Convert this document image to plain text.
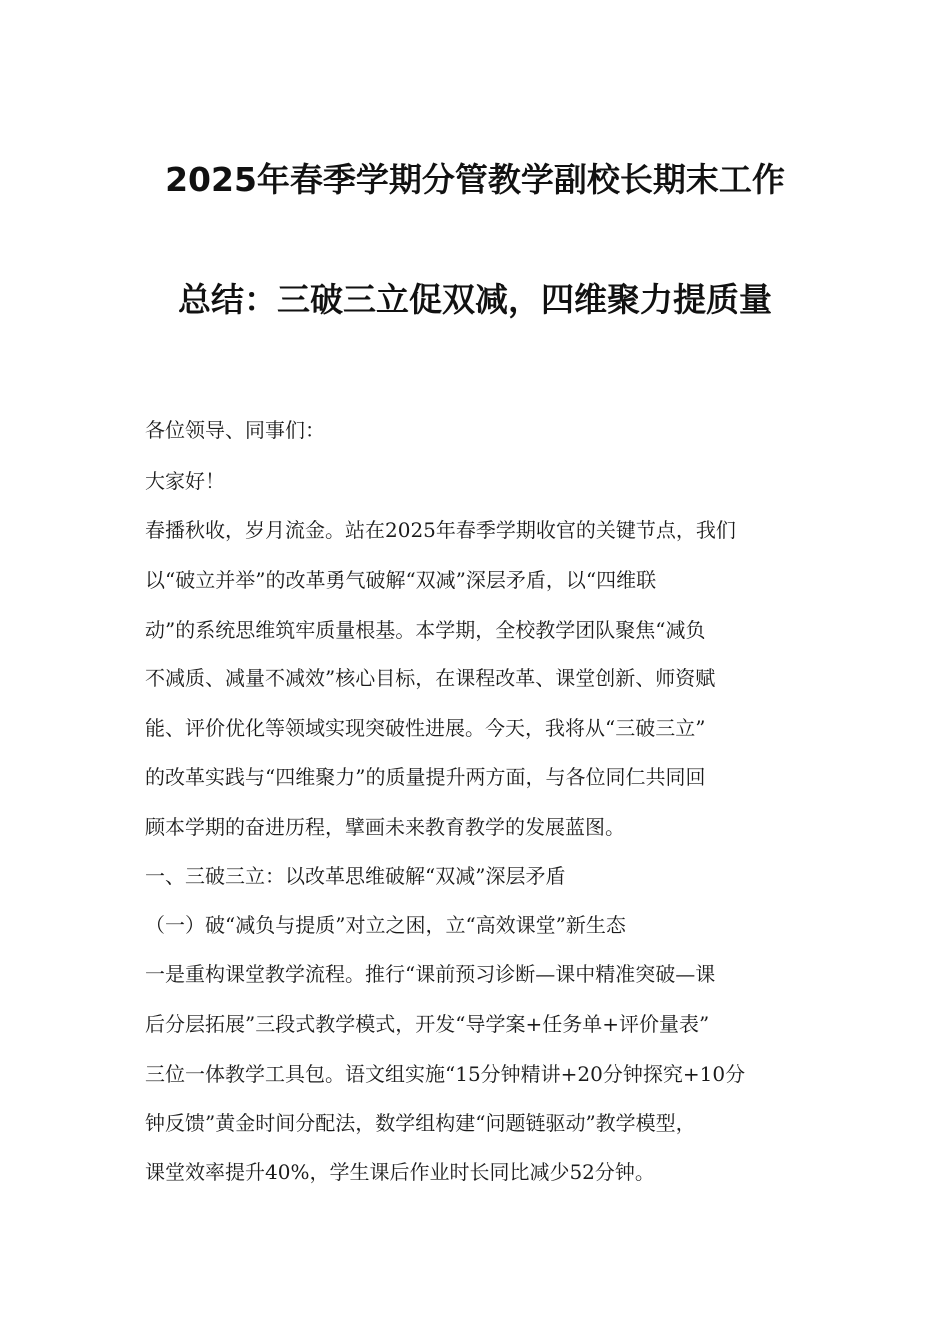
2025年春季学期分管教学副校长期末工作
总结：三破三立促双减，四维聚力提质量
各位领导、同事们：
大家好！
春播秋收，岁月流金。站在2025年春季学期收官的关键节点，我们
以“破立并举”的改革勇气破解“双减”深层矛盾，以“四维联
动”的系统思维筑牢质量根基。本学期，全校教学团队聚焦“减负
不减质、减量不减效”核心目标，在课程改革、课堂创新、师资赋
能、评价优化等领域实现突破性进展。今天，我将从“三破三立”
的改革实践与“四维聚力”的质量提升两方面，与各位同仁共同回
顾本学期的奋进历程，擘画未来教育教学的发展蓝图。
一、三破三立：以改革思维破解“双减”深层矛盾
（一）破“减负与提质”对立之困，立“高效课堂”新生态
一是重构课堂教学流程。推行“课前预习诊断—课中精准突破—课
后分层拓展”三段式教学模式，开发“导学案+任务单+评价量表”
三位一体教学工具包。语文组实施“15分钟精讲+20分钟探究+10分
钟反馈”黄金时间分配法，数学组构建“问题链驱动”教学模型，
课堂效率提升40%，学生课后作业时长同比减少52分钟。
